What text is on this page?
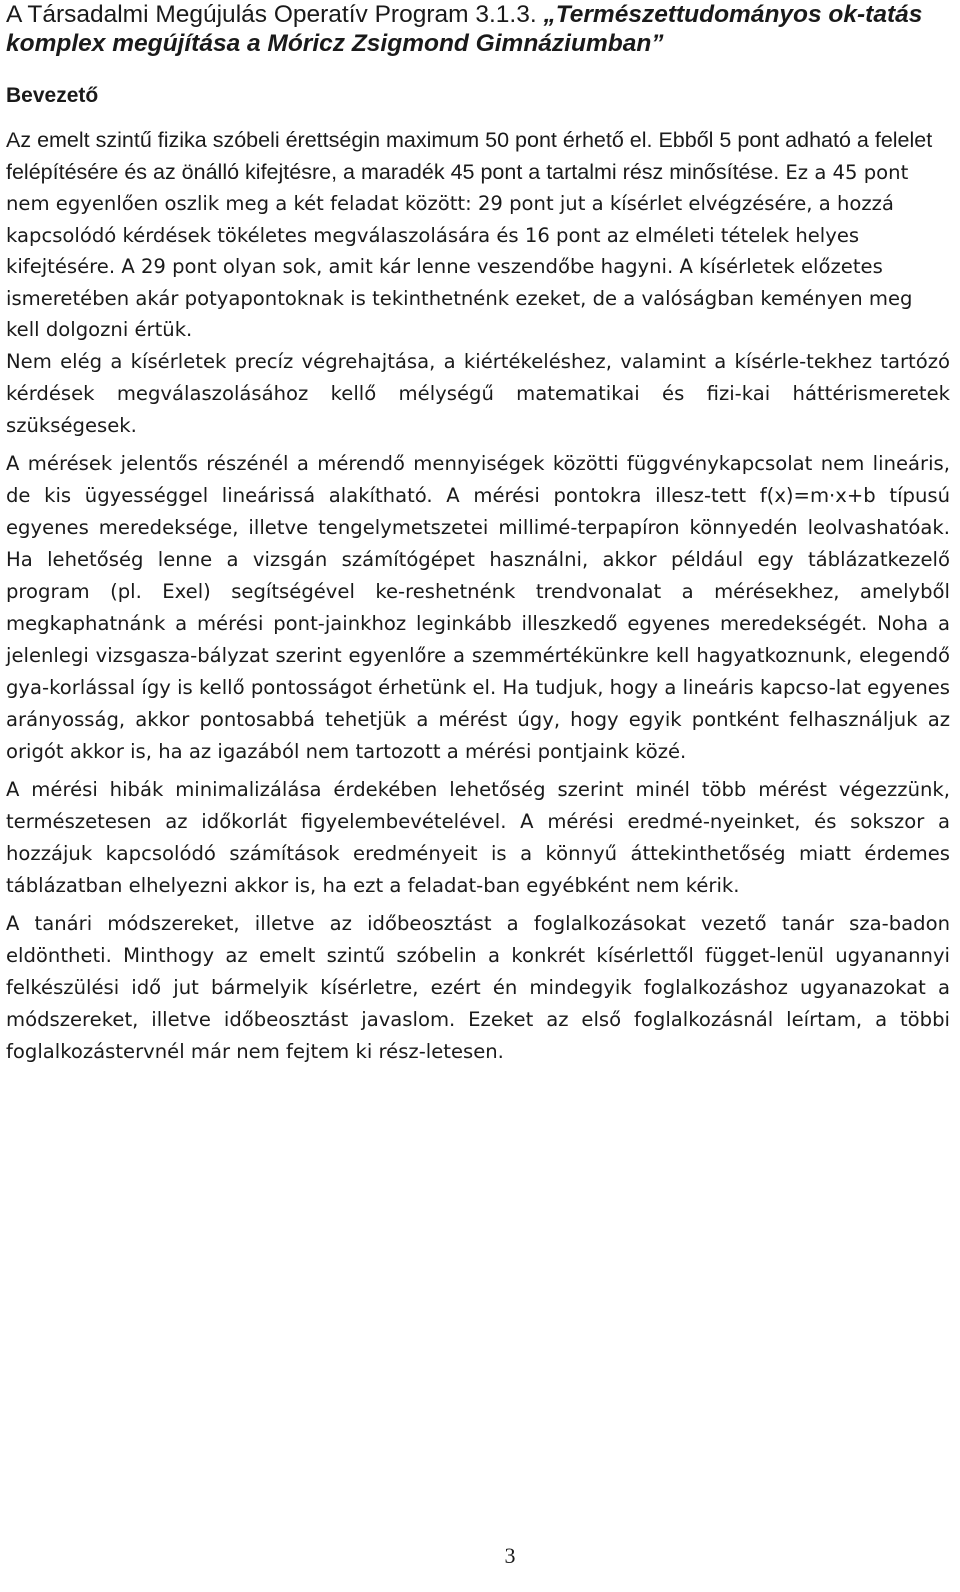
A Társadalmi Megújulás Operatív Program 3.1.3. „Természettudományos ok-tatás komplex megújítása a Móricz Zsigmond Gimnáziumban”

Bevezető

Az emelt szintű fizika szóbeli érettségin maximum 50 pont érhető el. Ebből 5 pont adható a felelet felépítésére és az önálló kifejtésre, a maradék 45 pont a tartalmi rész minősítése. Ez a 45 pont nem egyenlően oszlik meg a két feladat között: 29 pont jut a kísérlet elvégzésére, a hozzá kapcsolódó kérdések tökéletes megválaszolására és 16 pont az elméleti tételek helyes kifejtésére. A 29 pont olyan sok, amit kár lenne veszendőbe hagyni. A kísérletek előzetes ismeretében akár potyapontoknak is tekinthetnénk ezeket, de a valóságban keményen meg kell dolgozni értük.

Nem elég a kísérletek precíz végrehajtása, a kiértékeléshez, valamint a kísérle-tekhez tartózó kérdések megválaszolásához kellő mélységű matematikai és fizi-kai háttérismeretek szükségesek.

A mérések jelentős részénél a mérendő mennyiségek közötti függvénykapcsolat nem lineáris, de kis ügyességgel lineárissá alakítható. A mérési pontokra illesz-tett f(x)=m·x+b típusú egyenes meredeksége, illetve tengelymetszetei millimé-terpapíron könnyedén leolvashatóak. Ha lehetőség lenne a vizsgán számítógépet használni, akkor például egy táblázatkezelő program (pl. Exel) segítségével ke-reshetnénk trendvonalat a mérésekhez, amelyből megkaphatnánk a mérési pont-jainkhoz leginkább illeszkedő egyenes meredekségét. Noha a jelenlegi vizsgasza-bályzat szerint egyenlőre a szemmértékünkre kell hagyatkoznunk, elegendő gya-korlással így is kellő pontosságot érhetünk el. Ha tudjuk, hogy a lineáris kapcso-lat egyenes arányosság, akkor pontosabbá tehetjük a mérést úgy, hogy egyik pontként felhasználjuk az origót akkor is, ha az igazából nem tartozott a mérési pontjaink közé.

A mérési hibák minimalizálása érdekében lehetőség szerint minél több mérést végezzünk, természetesen az időkorlát figyelembevételével. A mérési eredmé-nyeinket, és sokszor a hozzájuk kapcsolódó számítások eredményeit is a könnyű áttekinthetőség miatt érdemes táblázatban elhelyezni akkor is, ha ezt a feladat-ban egyébként nem kérik.

A tanári módszereket, illetve az időbeosztást a foglalkozásokat vezető tanár sza-badon eldöntheti. Minthogy az emelt szintű szóbelin a konkrét kísérlettől függet-lenül ugyanannyi felkészülési idő jut bármelyik kísérletre, ezért én mindegyik foglalkozáshoz ugyanazokat a módszereket, illetve időbeosztást javaslom. Ezeket az első foglalkozásnál leírtam, a többi foglalkozástervnél már nem fejtem ki rész-letesen.

3
